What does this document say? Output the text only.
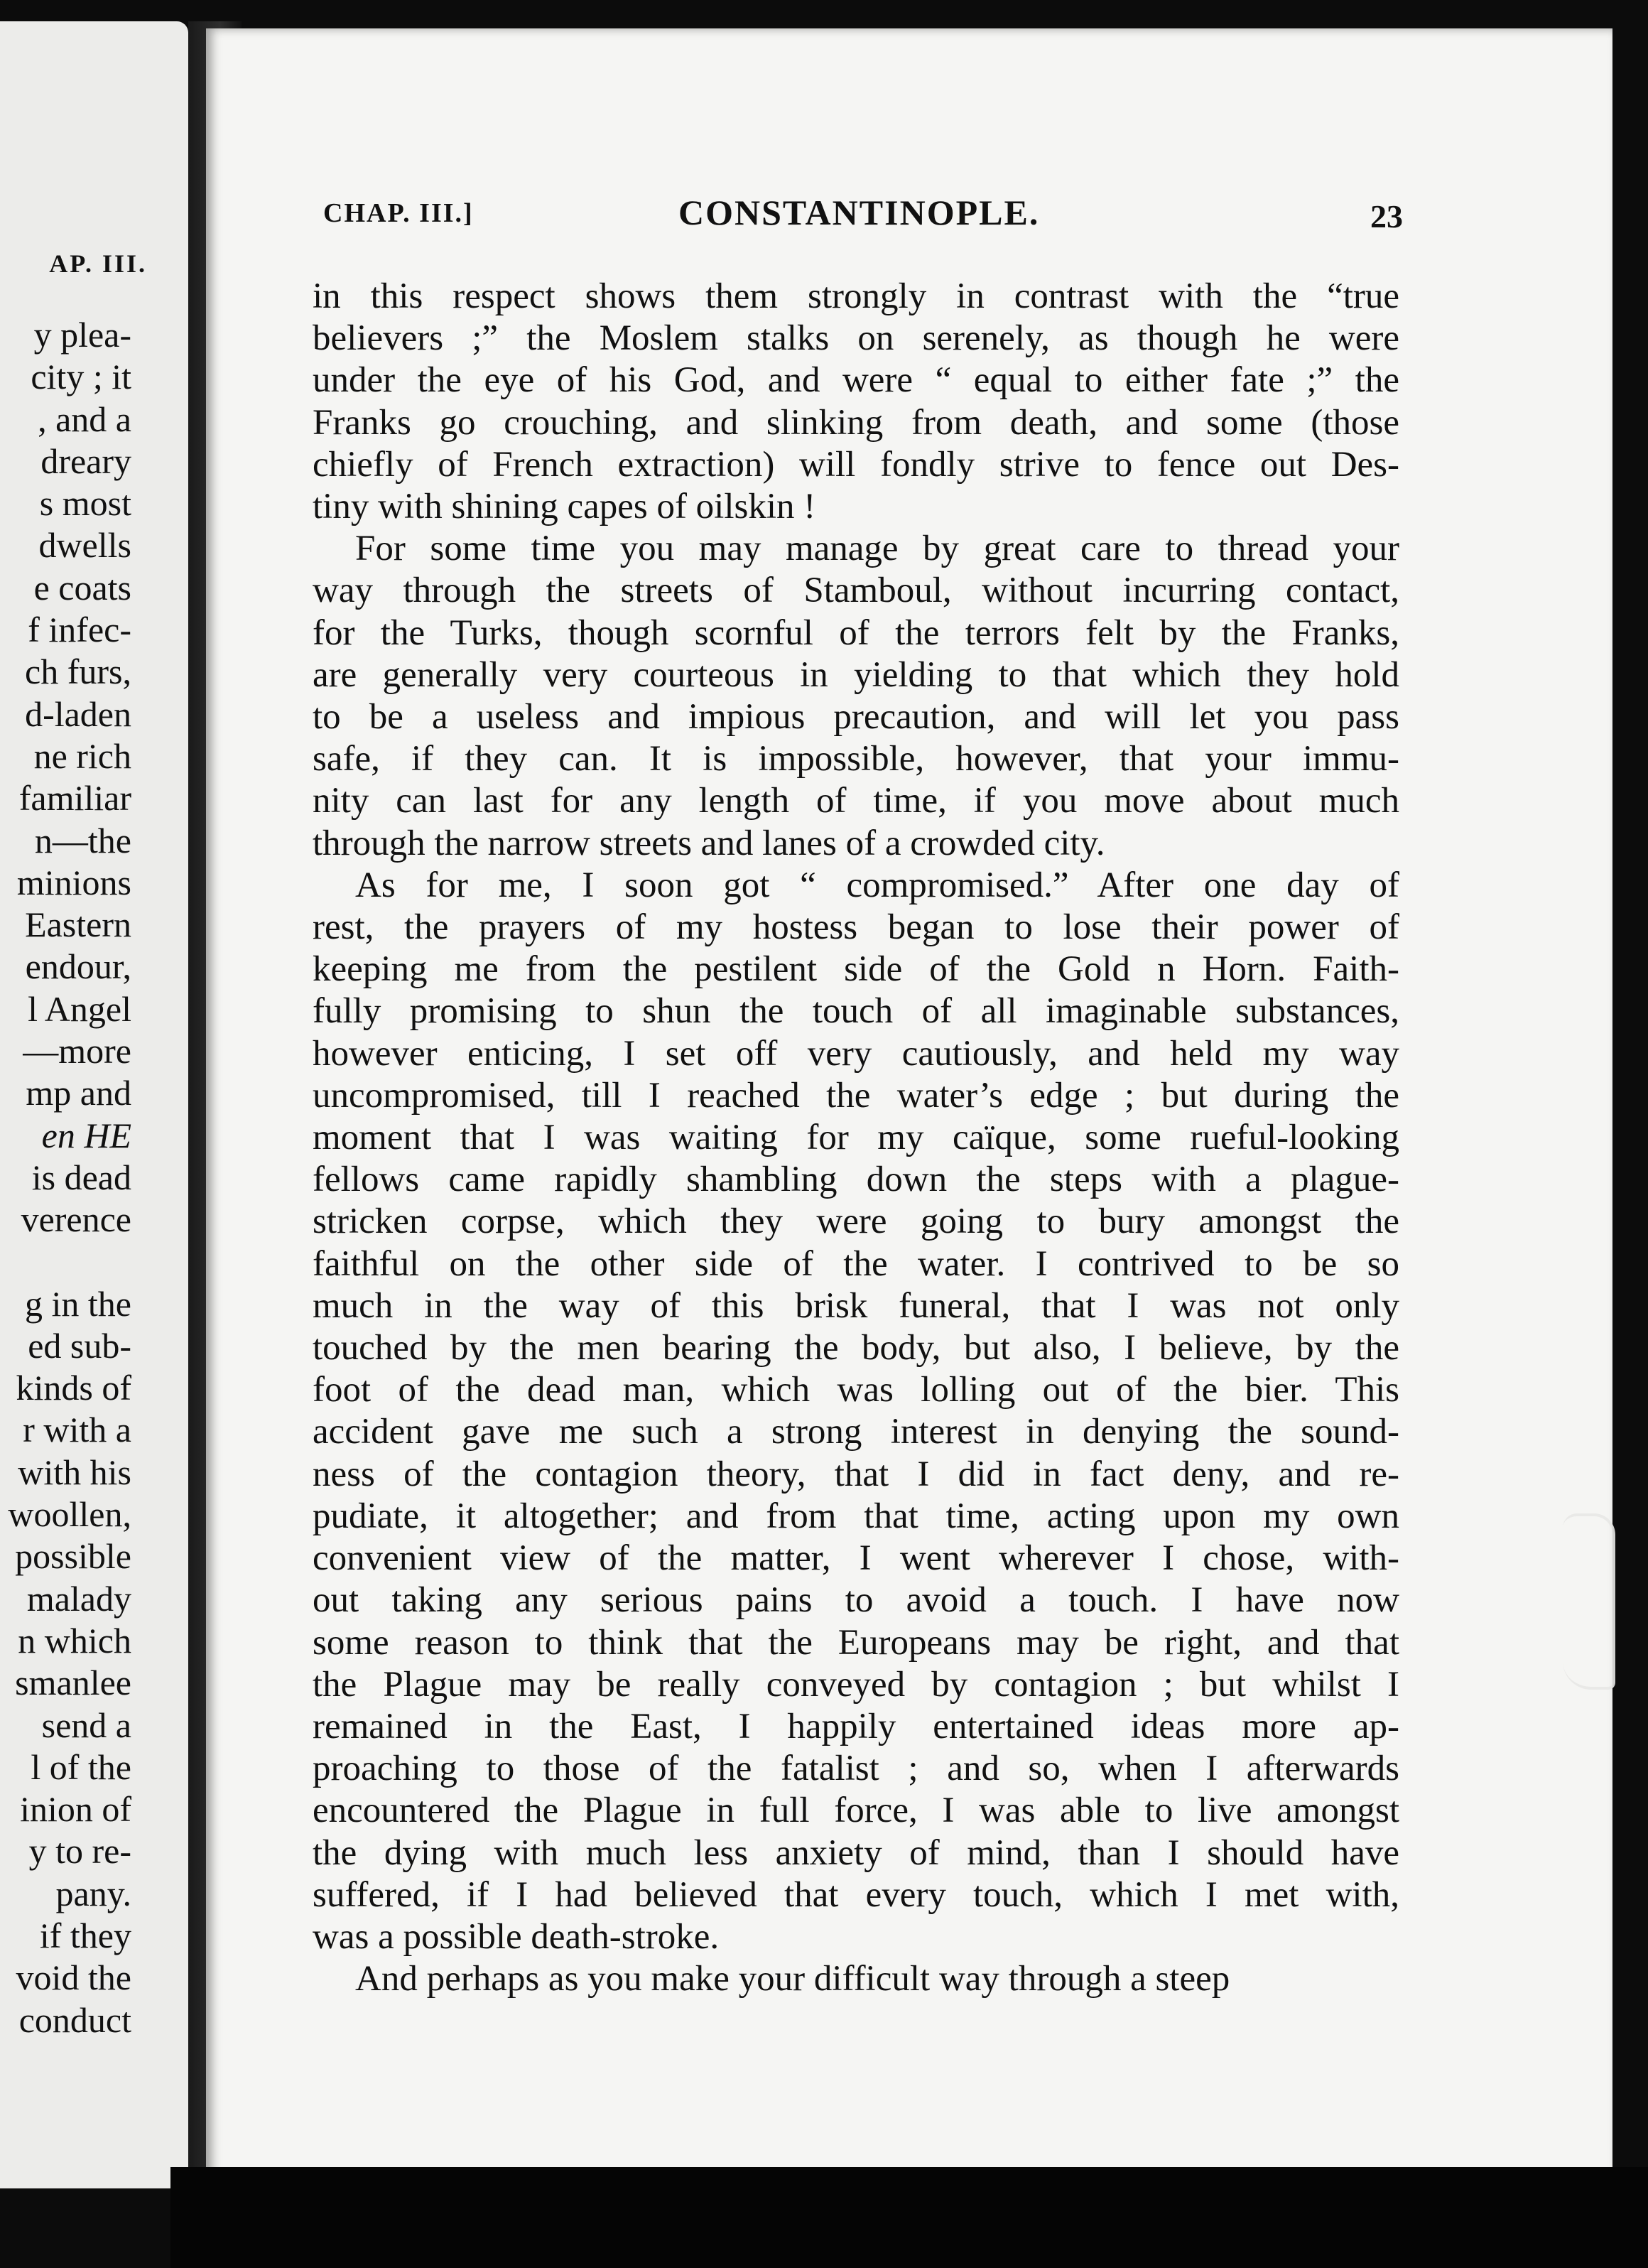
AP. III.
y plea-
city ; it
, and a
dreary
s most
dwells
e coats
f infec-
ch furs,
d-laden
ne rich
familiar
n—the
minions
Eastern
endour,
l Angel
—more
mp and
en HE
is dead
verence

g in the
ed sub-
kinds of
r with a
with his
woollen,
possible
malady
n which
smanlee
send a
l of the
inion of
y to re-
pany.
if they
void the
conduct
CHAP. III.]	CONSTANTINOPLE.	23
in this respect shows them strongly in contrast with the “true
believers ;” the Moslem stalks on serenely, as though he were
under the eye of his God, and were “ equal to either fate ;” the
Franks go crouching, and slinking from death, and some (those
chiefly of French extraction) will fondly strive to fence out Des-
tiny with shining capes of oilskin !
For some time you may manage by great care to thread your
way through the streets of Stamboul, without incurring contact,
for the Turks, though scornful of the terrors felt by the Franks,
are generally very courteous in yielding to that which they hold
to be a useless and impious precaution, and will let you pass
safe, if they can. It is impossible, however, that your immu-
nity can last for any length of time, if you move about much
through the narrow streets and lanes of a crowded city.
As for me, I soon got “ compromised.” After one day of
rest, the prayers of my hostess began to lose their power of
keeping me from the pestilent side of the Gold n Horn. Faith-
fully promising to shun the touch of all imaginable substances,
however enticing, I set off very cautiously, and held my way
uncompromised, till I reached the water’s edge ; but during the
moment that I was waiting for my caïque, some rueful-looking
fellows came rapidly shambling down the steps with a plague-
stricken corpse, which they were going to bury amongst the
faithful on the other side of the water. I contrived to be so
much in the way of this brisk funeral, that I was not only
touched by the men bearing the body, but also, I believe, by the
foot of the dead man, which was lolling out of the bier. This
accident gave me such a strong interest in denying the sound-
ness of the contagion theory, that I did in fact deny, and re-
pudiate, it altogether; and from that time, acting upon my own
convenient view of the matter, I went wherever I chose, with-
out taking any serious pains to avoid a touch. I have now
some reason to think that the Europeans may be right, and that
the Plague may be really conveyed by contagion ; but whilst I
remained in the East, I happily entertained ideas more ap-
proaching to those of the fatalist ; and so, when I afterwards
encountered the Plague in full force, I was able to live amongst
the dying with much less anxiety of mind, than I should have
suffered, if I had believed that every touch, which I met with,
was a possible death-stroke.
And perhaps as you make your difficult way through a steep
